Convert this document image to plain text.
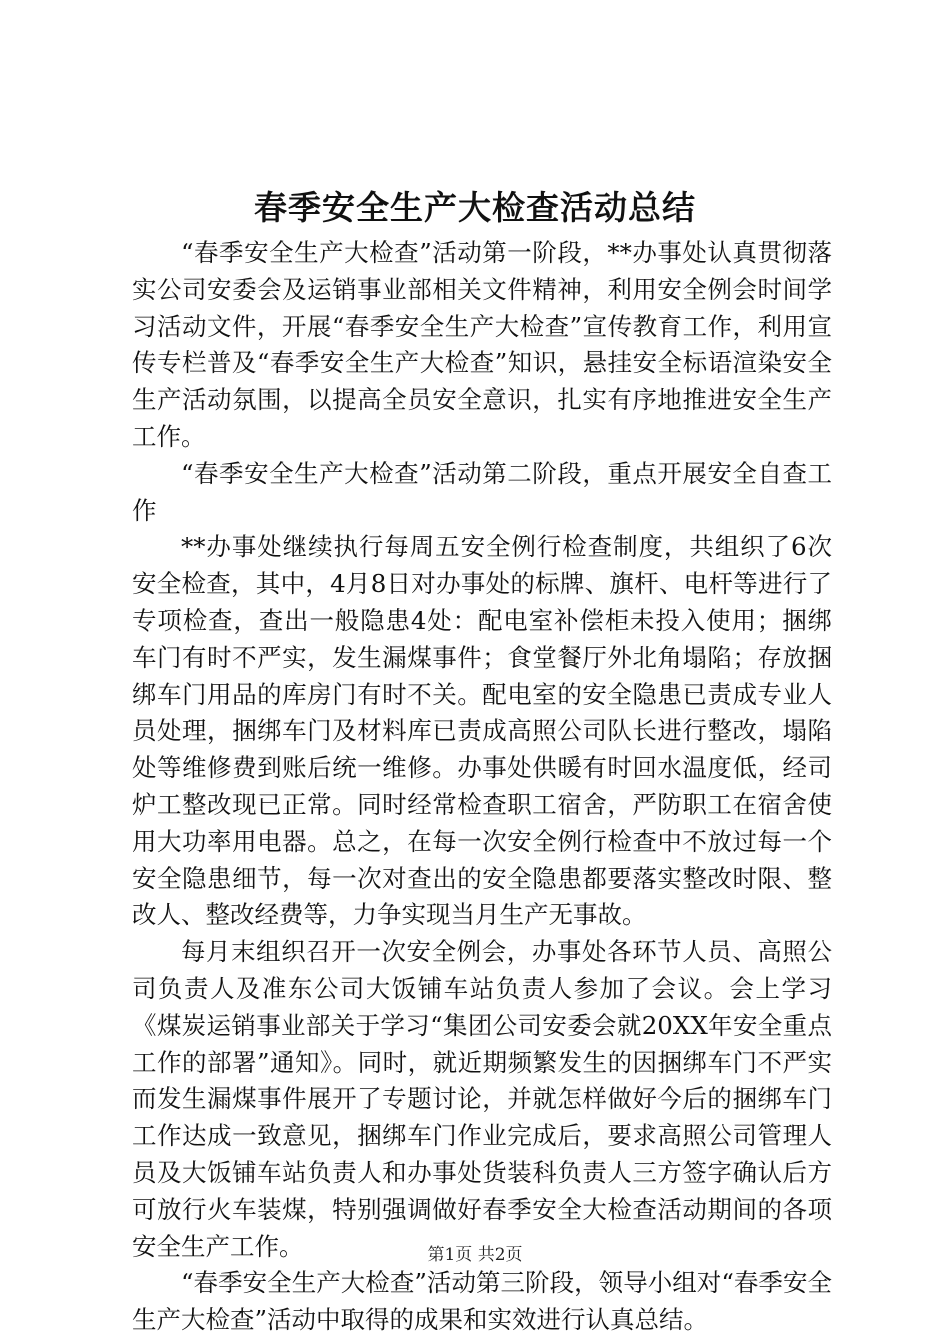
春季安全生产大检查活动总结

“春季安全生产大检查”活动第一阶段，**办事处认真贯彻落实公司安委会及运销事业部相关文件精神，利用安全例会时间学习活动文件，开展“春季安全生产大检查”宣传教育工作，利用宣传专栏普及“春季安全生产大检查”知识，悬挂安全标语渲染安全生产活动氛围，以提高全员安全意识，扎实有序地推进安全生产工作。

“春季安全生产大检查”活动第二阶段，重点开展安全自查工作

**办事处继续执行每周五安全例行检查制度，共组织了6次安全检查，其中，4月8日对办事处的标牌、旗杆、电杆等进行了专项检查，查出一般隐患4处：配电室补偿柜未投入使用；捆绑车门有时不严实，发生漏煤事件；食堂餐厅外北角塌陷；存放捆绑车门用品的库房门有时不关。配电室的安全隐患已责成专业人员处理，捆绑车门及材料库已责成高照公司队长进行整改，塌陷处等维修费到账后统一维修。办事处供暖有时回水温度低，经司炉工整改现已正常。同时经常检查职工宿舍，严防职工在宿舍使用大功率用电器。总之，在每一次安全例行检查中不放过每一个安全隐患细节，每一次对查出的安全隐患都要落实整改时限、整改人、整改经费等，力争实现当月生产无事故。

每月末组织召开一次安全例会，办事处各环节人员、高照公司负责人及准东公司大饭铺车站负责人参加了会议。会上学习《煤炭运销事业部关于学习“集团公司安委会就20XX年安全重点工作的部署”通知》。同时，就近期频繁发生的因捆绑车门不严实而发生漏煤事件展开了专题讨论，并就怎样做好今后的捆绑车门工作达成一致意见，捆绑车门作业完成后，要求高照公司管理人员及大饭铺车站负责人和办事处货装科负责人三方签字确认后方可放行火车装煤，特别强调做好春季安全大检查活动期间的各项安全生产工作。

“春季安全生产大检查”活动第三阶段，领导小组对“春季安全生产大检查”活动中取得的成果和实效进行认真总结。

第1页 共2页
